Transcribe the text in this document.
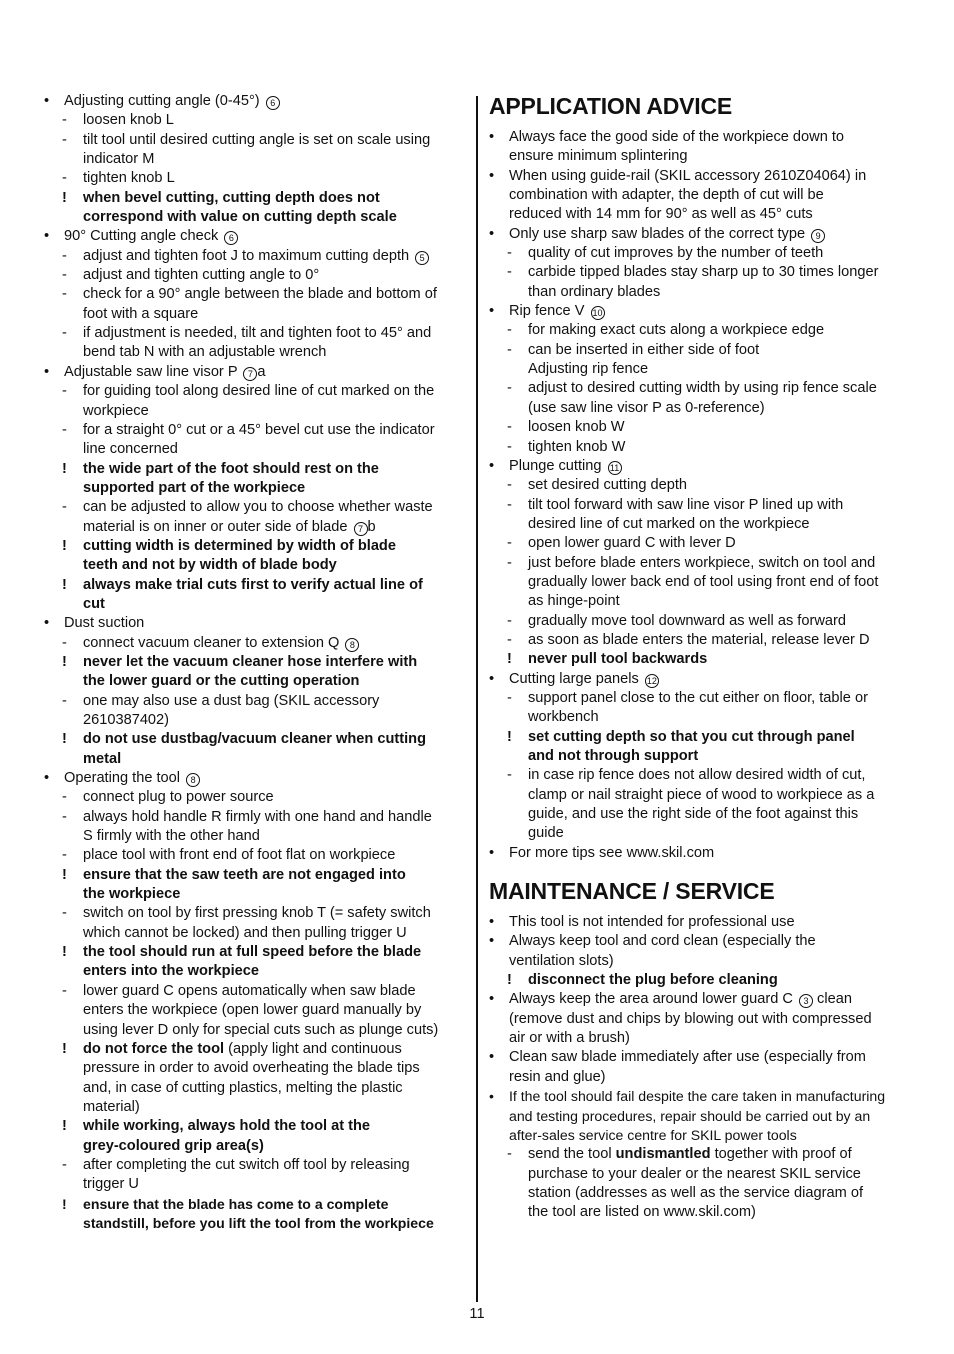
• Adjusting cutting angle (0-45°) 6
- loosen knob L
- tilt tool until desired cutting angle is set on scale using
indicator M
- tighten knob L
! when bevel cutting, cutting depth does not
correspond with value on cutting depth scale
• 90° Cutting angle check 6
- adjust and tighten foot J to maximum cutting depth 5
- adjust and tighten cutting angle to 0°
- check for a 90° angle between the blade and bottom of
foot with a square
- if adjustment is needed, tilt and tighten foot to 45° and
bend tab N with an adjustable wrench
• Adjustable saw line visor P 7 a
- for guiding tool along desired line of cut marked on the
workpiece
- for a straight 0° cut or a 45° bevel cut use the indicator
line concerned
! the wide part of the foot should rest on the
supported part of the workpiece
- can be adjusted to allow you to choose whether waste
material is on inner or outer side of blade 7 b
! cutting width is determined by width of blade
teeth and not by width of blade body
! always make trial cuts first to verify actual line of
cut
• Dust suction
- connect vacuum cleaner to extension Q 8
! never let the vacuum cleaner hose interfere with
the lower guard or the cutting operation
- one may also use a dust bag (SKIL accessory
2610387402)
! do not use dustbag/vacuum cleaner when cutting
metal
• Operating the tool 8
- connect plug to power source
- always hold handle R firmly with one hand and handle
S firmly with the other hand
- place tool with front end of foot flat on workpiece
! ensure that the saw teeth are not engaged into
the workpiece
- switch on tool by first pressing knob T (= safety switch
which cannot be locked) and then pulling trigger U
! the tool should run at full speed before the blade
enters into the workpiece
- lower guard C opens automatically when saw blade
enters the workpiece (open lower guard manually by
using lever D only for special cuts such as plunge cuts)
! do not force the tool (apply light and continuous
pressure in order to avoid overheating the blade tips
and, in case of cutting plastics, melting the plastic
material)
! while working, always hold the tool at the
grey-coloured grip area(s)
- after completing the cut switch off tool by releasing
trigger U
! ensure that the blade has come to a complete
standstill, before you lift the tool from the workpiece
APPLICATION ADVICE
• Always face the good side of the workpiece down to
ensure minimum splintering
• When using guide-rail (SKIL accessory 2610Z04064) in
combination with adapter, the depth of cut will be
reduced with 14 mm for 90° as well as 45° cuts
• Only use sharp saw blades of the correct type 9
- quality of cut improves by the number of teeth
- carbide tipped blades stay sharp up to 30 times longer
than ordinary blades
• Rip fence V 10
- for making exact cuts along a workpiece edge
- can be inserted in either side of foot
Adjusting rip fence
- adjust to desired cutting width by using rip fence scale
(use saw line visor P as 0-reference)
- loosen knob W
- tighten knob W
• Plunge cutting 11
- set desired cutting depth
- tilt tool forward with saw line visor P lined up with
desired line of cut marked on the workpiece
- open lower guard C with lever D
- just before blade enters workpiece, switch on tool and
gradually lower back end of tool using front end of foot
as hinge-point
- gradually move tool downward as well as forward
- as soon as blade enters the material, release lever D
! never pull tool backwards
• Cutting large panels 12
- support panel close to the cut either on floor, table or
workbench
! set cutting depth so that you cut through panel
and not through support
- in case rip fence does not allow desired width of cut,
clamp or nail straight piece of wood to workpiece as a
guide, and use the right side of the foot against this
guide
• For more tips see www.skil.com
MAINTENANCE / SERVICE
• This tool is not intended for professional use
• Always keep tool and cord clean (especially the
ventilation slots)
! disconnect the plug before cleaning
• Always keep the area around lower guard C 3 clean
(remove dust and chips by blowing out with compressed
air or with a brush)
• Clean saw blade immediately after use (especially from
resin and glue)
• If the tool should fail despite the care taken in manufacturing
and testing procedures, repair should be carried out by an
after-sales service centre for SKIL power tools
- send the tool undismantled together with proof of
purchase to your dealer or the nearest SKIL service
station (addresses as well as the service diagram of
the tool are listed on www.skil.com)
11
